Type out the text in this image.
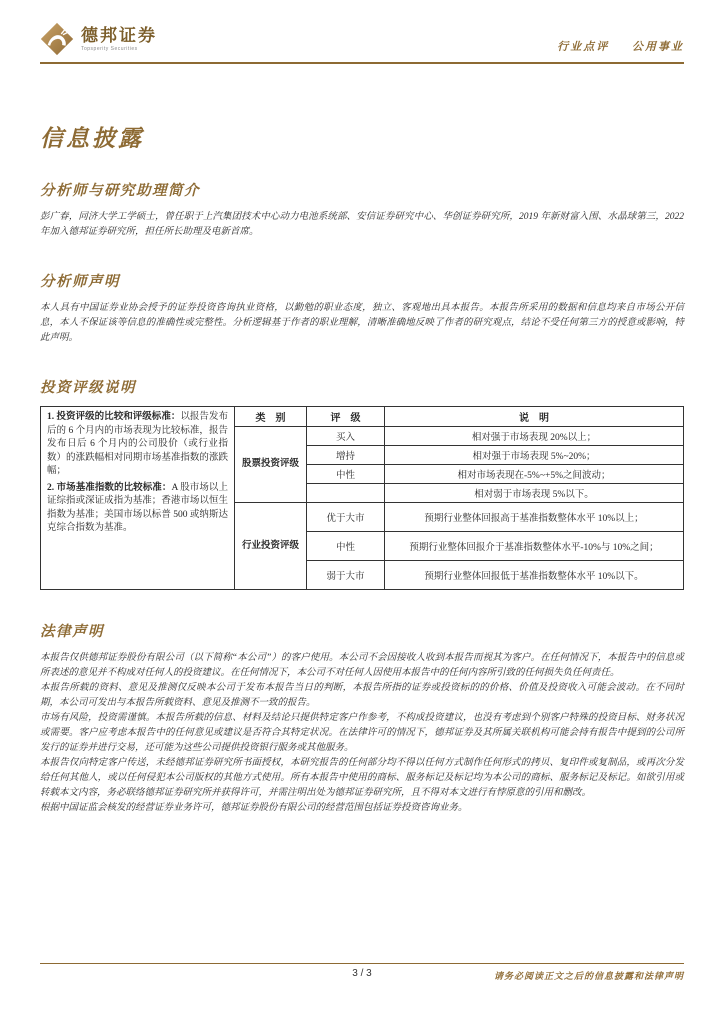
德邦证券
Topsperity Securities	行业点评 公用事业
信息披露
分析师与研究助理简介

彭广春，同济大学工学硕士，曾任职于上汽集团技术中心动力电池系统部、安信证券研究中心、华创证券研究所，2019 年新财富入围、水晶球第三，2022 年加入德邦证券研究所，担任所长助理及电新首席。

分析师声明

本人具有中国证券业协会授予的证券投资咨询执业资格，以勤勉的职业态度，独立、客观地出具本报告。本报告所采用的数据和信息均来自市场公开信息，本人不保证该等信息的准确性或完整性。分析逻辑基于作者的职业理解，清晰准确地反映了作者的研究观点，结论不受任何第三方的授意或影响，特此声明。

投资评级说明

1. 投资评级的比较和评级标准：以报告发布后的 6 个月内的市场表现为比较标准，报告发布日后 6 个月内的公司股价（或行业指数）的涨跌幅相对同期市场基准指数的涨跌幅；

2. 市场基准指数的比较标准：A 股市场以上证综指或深证成指为基准；香港市场以恒生指数为基准；美国市场以标普 500 或纳斯达克综合指数为基准。	类　别	评　级	说　明
	股票投资评级	买入	相对强于市场表现 20%以上；
		增持	相对强于市场表现 5%~20%；
		中性	相对市场表现在-5%~+5%之间波动；
			相对弱于市场表现 5%以下。
	行业投资评级	优于大市	预期行业整体回报高于基准指数整体水平 10%以上；
		中性	预期行业整体回报介于基准指数整体水平-10%与 10%之间；
		弱于大市	预期行业整体回报低于基准指数整体水平 10%以下。
法律声明

本报告仅供德邦证券股份有限公司（以下简称“本公司”）的客户使用。本公司不会因接收人收到本报告而视其为客户。在任何情况下，本报告中的信息或所表述的意见并不构成对任何人的投资建议。在任何情况下，本公司不对任何人因使用本报告中的任何内容所引致的任何损失负任何责任。

本报告所载的资料、意见及推测仅反映本公司于发布本报告当日的判断，本报告所指的证券或投资标的的价格、价值及投资收入可能会波动。在不同时期，本公司可发出与本报告所载资料、意见及推测不一致的报告。

市场有风险，投资需谨慎。本报告所载的信息、材料及结论只提供特定客户作参考，不构成投资建议，也没有考虑到个别客户特殊的投资目标、财务状况或需要。客户应考虑本报告中的任何意见或建议是否符合其特定状况。在法律许可的情况下，德邦证券及其所属关联机构可能会持有报告中提到的公司所发行的证券并进行交易，还可能为这些公司提供投资银行服务或其他服务。

本报告仅向特定客户传送，未经德邦证券研究所书面授权，本研究报告的任何部分均不得以任何方式制作任何形式的拷贝、复印件或复制品，或再次分发给任何其他人，或以任何侵犯本公司版权的其他方式使用。所有本报告中使用的商标、服务标记及标记均为本公司的商标、服务标记及标记。如欲引用或转载本文内容，务必联络德邦证券研究所并获得许可，并需注明出处为德邦证券研究所，且不得对本文进行有悖原意的引用和删改。

根据中国证监会核发的经营证券业务许可，德邦证券股份有限公司的经营范围包括证券投资咨询业务。

3 / 3	请务必阅读正文之后的信息披露和法律声明
